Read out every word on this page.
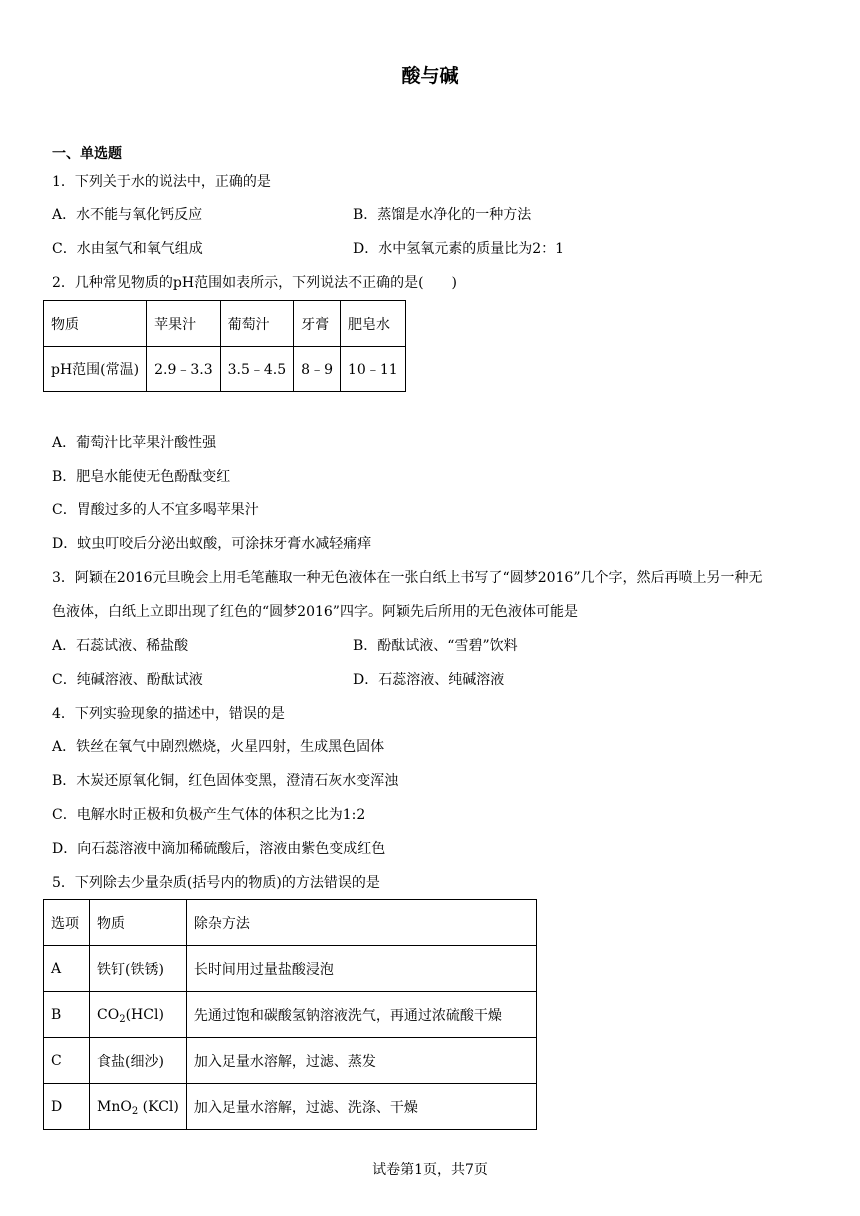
酸与碱
一、单选题
1．下列关于水的说法中，正确的是
A．水不能与氧化钙反应	B．蒸馏是水净化的一种方法
C．水由氢气和氧气组成	D．水中氢氧元素的质量比为2：1
2．几种常见物质的pH范围如表所示，下列说法不正确的是(　　)
物质	苹果汁	葡萄汁	牙膏	肥皂水
pH范围(常温)	2.9﹣3.3	3.5﹣4.5	8﹣9	10﹣11
A．葡萄汁比苹果汁酸性强
B．肥皂水能使无色酚酞变红
C．胃酸过多的人不宜多喝苹果汁
D．蚊虫叮咬后分泌出蚁酸，可涂抹牙膏水减轻痛痒
3．阿颖在2016元旦晚会上用毛笔蘸取一种无色液体在一张白纸上书写了“圆梦2016”几个字，然后再喷上另一种无
色液体，白纸上立即出现了红色的“圆梦2016”四字。阿颖先后所用的无色液体可能是
A．石蕊试液、稀盐酸	B．酚酞试液、“雪碧”饮料
C．纯碱溶液、酚酞试液	D．石蕊溶液、纯碱溶液
4．下列实验现象的描述中，错误的是
A．铁丝在氧气中剧烈燃烧，火星四射，生成黑色固体
B．木炭还原氧化铜，红色固体变黑，澄清石灰水变浑浊
C．电解水时正极和负极产生气体的体积之比为1:2
D．向石蕊溶液中滴加稀硫酸后，溶液由紫色变成红色
5．下列除去少量杂质(括号内的物质)的方法错误的是
选项	物质	除杂方法
A	铁钉(铁锈)	长时间用过量盐酸浸泡
B	$CO_2(HCl)$	先通过饱和碳酸氢钠溶液洗气，再通过浓硫酸干燥
C	食盐(细沙)	加入足量水溶解，过滤、蒸发
D	MnO$_2$ (KCl)	加入足量水溶解，过滤、洗涤、干燥
试卷第1页，共7页
